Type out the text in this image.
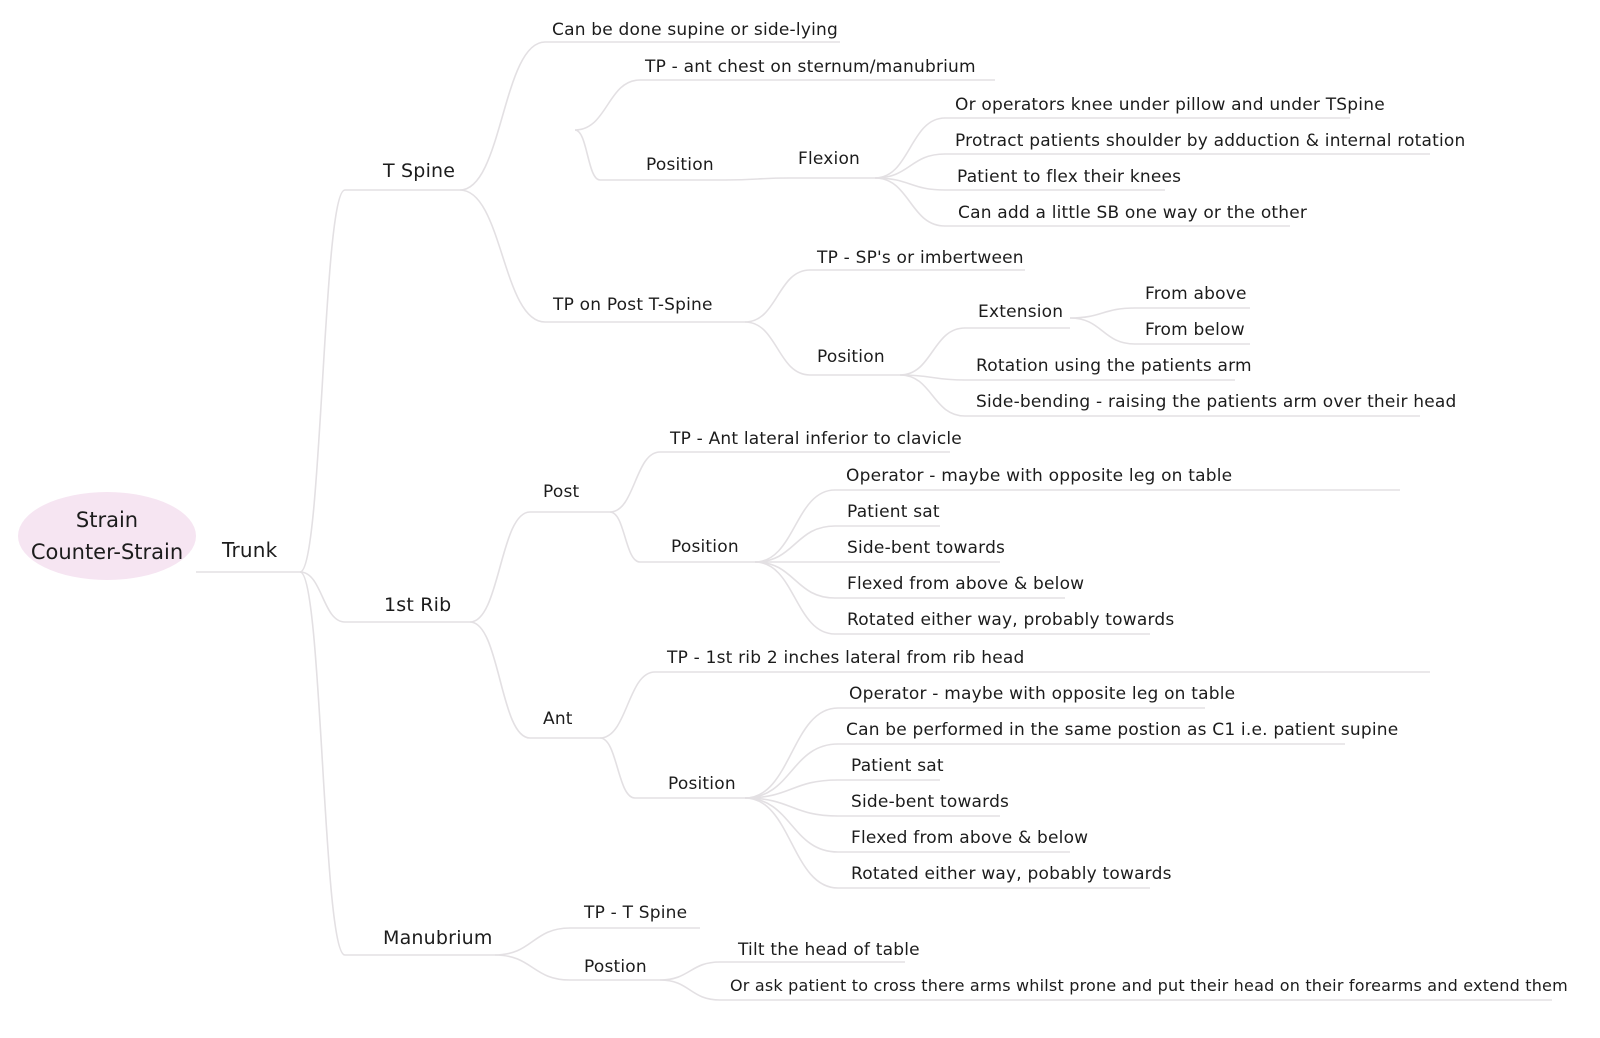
Strain
Counter-Strain	Trunk
T Spine
Can be done supine or side-lying
TP - ant chest on sternum/manubrium
Position	Flexion
Or operators knee under pillow and under TSpine
Protract patients shoulder by adduction & internal rotation
Patient to flex their knees
Can add a little SB one way or the other
TP on Post T-Spine
TP - SP's or imbertween
Position
Extension
From above
From below
Rotation using the patients arm
Side-bending - raising the patients arm over their head
1st Rib
Post
TP - Ant lateral inferior to clavicle
Position
Operator - maybe with opposite leg on table
Patient sat
Side-bent towards
Flexed from above & below
Rotated either way, probably towards
Ant
TP - 1st rib 2 inches lateral from rib head
Position
Operator - maybe with opposite leg on table
Can be performed in the same postion as C1 i.e. patient supine
Patient sat
Side-bent towards
Flexed from above & below
Rotated either way, pobably towards
Manubrium
TP - T Spine
Postion
Tilt the head of table
Or ask patient to cross there arms whilst prone and put their head on their forearms and extend them
